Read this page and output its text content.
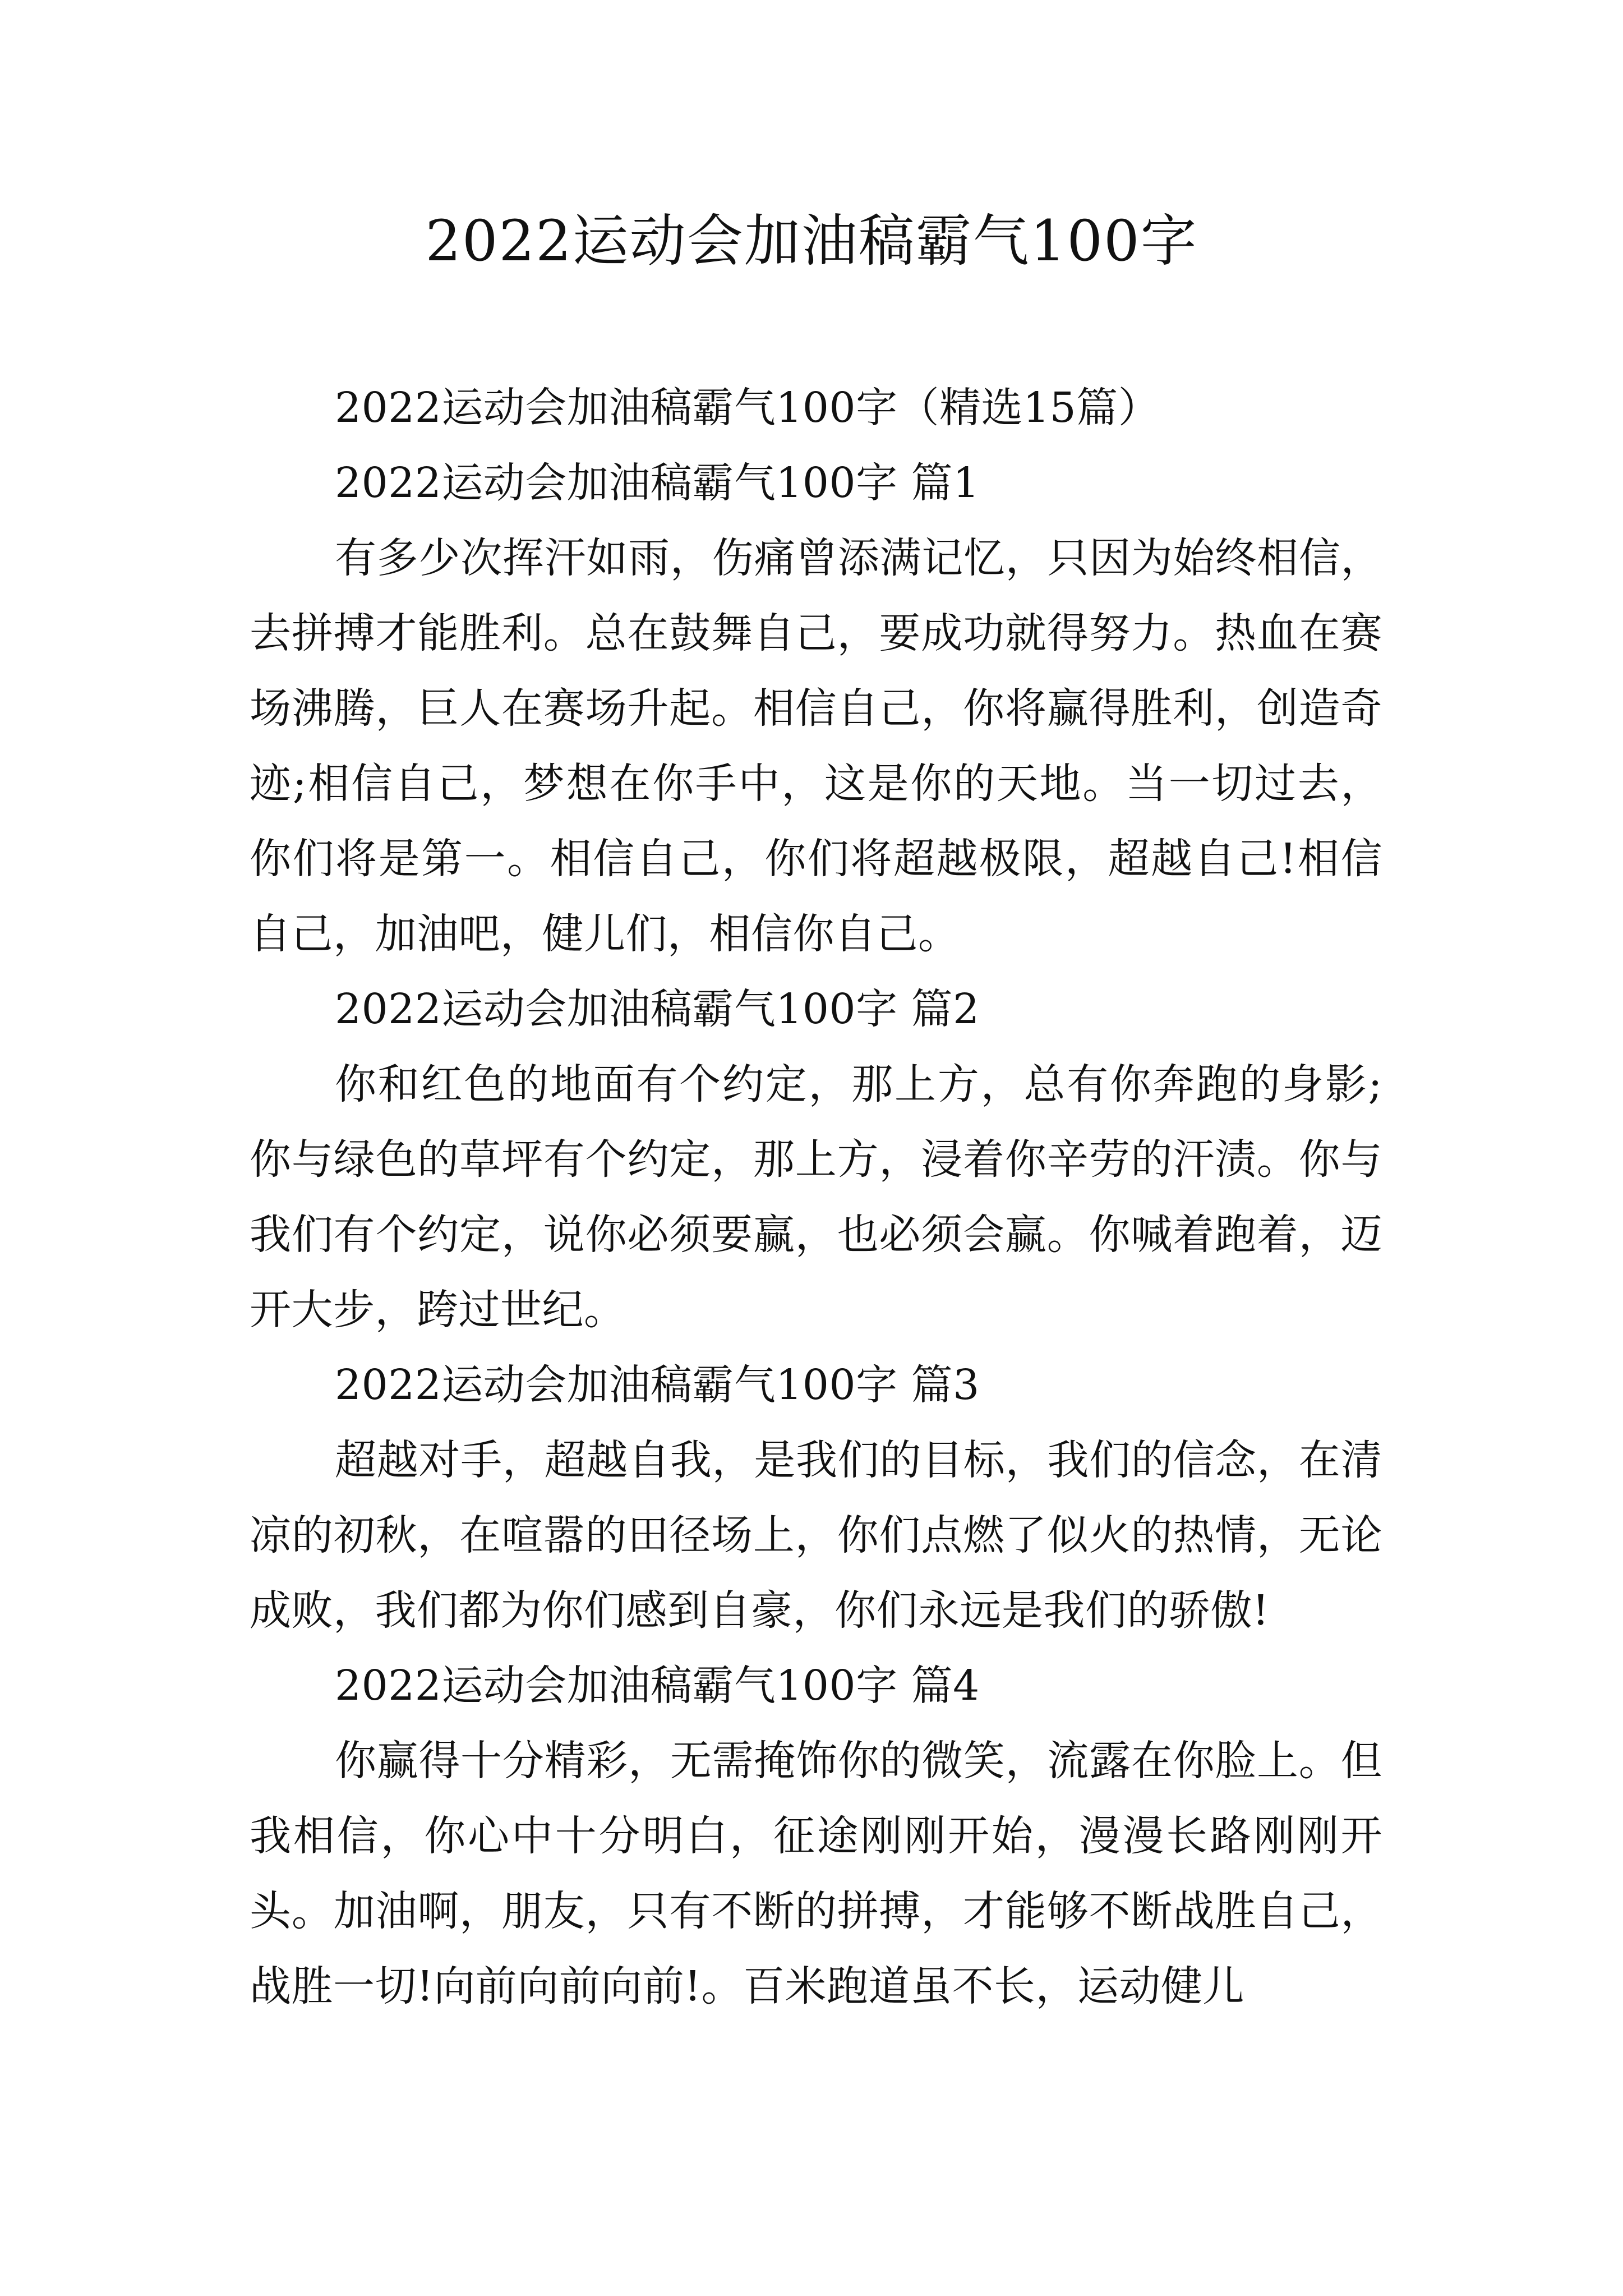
2022运动会加油稿霸气100字

2022运动会加油稿霸气100字（精选15篇）

2022运动会加油稿霸气100字 篇1

有多少次挥汗如雨，伤痛曾添满记忆，只因为始终相信，去拼搏才能胜利。总在鼓舞自己，要成功就得努力。热血在赛场沸腾，巨人在赛场升起。相信自己，你将赢得胜利，创造奇迹;相信自己，梦想在你手中，这是你的天地。当一切过去，你们将是第一。相信自己，你们将超越极限，超越自己!相信自己，加油吧，健儿们，相信你自己。

2022运动会加油稿霸气100字 篇2

你和红色的地面有个约定，那上方，总有你奔跑的身影;你与绿色的草坪有个约定，那上方，浸着你辛劳的汗渍。你与我们有个约定，说你必须要赢，也必须会赢。你喊着跑着，迈开大步，跨过世纪。

2022运动会加油稿霸气100字 篇3

超越对手，超越自我，是我们的目标，我们的信念，在清凉的初秋，在喧嚣的田径场上，你们点燃了似火的热情，无论成败，我们都为你们感到自豪，你们永远是我们的骄傲!

2022运动会加油稿霸气100字 篇4

你赢得十分精彩，无需掩饰你的微笑，流露在你脸上。但我相信，你心中十分明白，征途刚刚开始，漫漫长路刚刚开头。加油啊，朋友，只有不断的拼搏，才能够不断战胜自己，战胜一切!向前向前向前!。百米跑道虽不长，运动健儿
